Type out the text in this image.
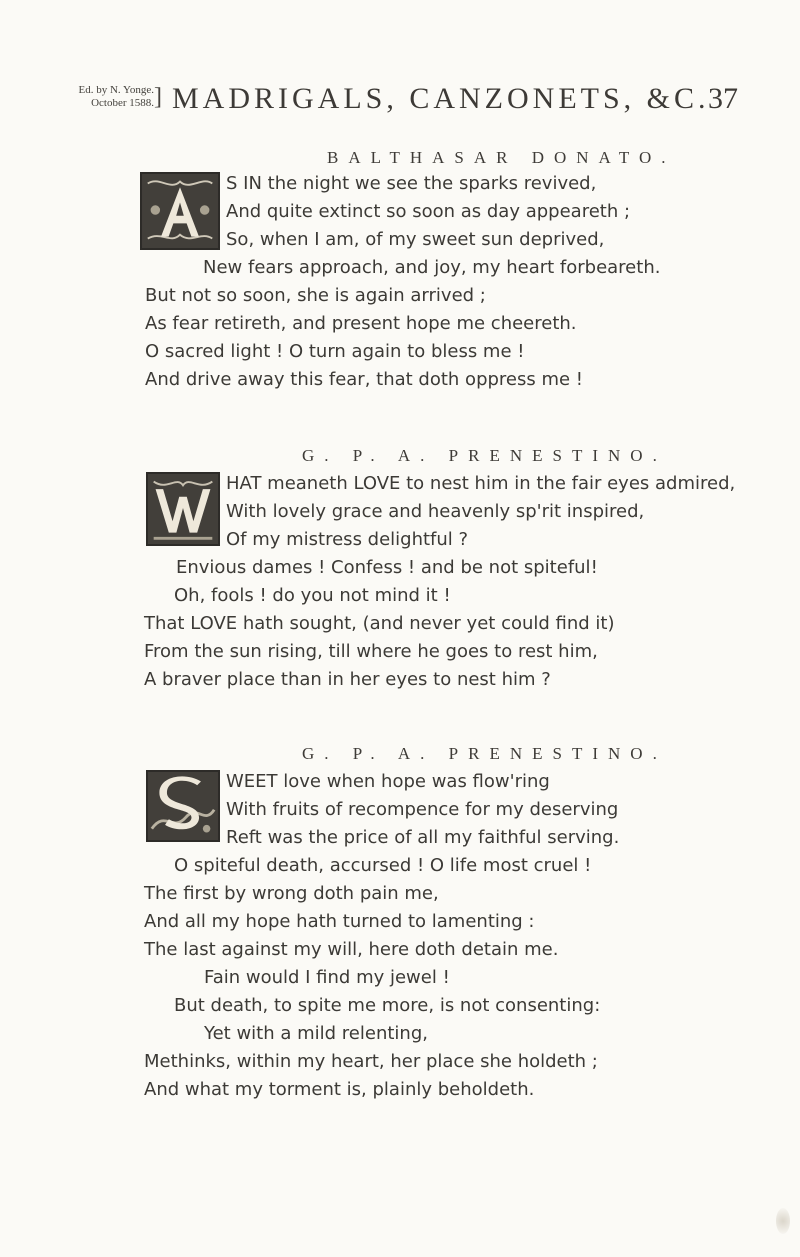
Ed. by N. Yonge.
October 1588. ] MADRIGALS, CANZONETS, &C.
37
BALTHASAR DONATO.
S IN the night we see the sparks revived,
And quite extinct so soon as day appeareth ;
So, when I am, of my sweet sun deprived,
New fears approach, and joy, my heart forbeareth.
But not so soon, she is again arrived ;
As fear retireth, and present hope me cheereth.
O sacred light ! O turn again to bless me !
And drive away this fear, that doth oppress me !
G. P. A. PRENESTINO.
HAT meaneth LOVE to nest him in the fair eyes admired,
With lovely grace and heavenly sp'rit inspired,
Of my mistress delightful ?
Envious dames ! Confess ! and be not spiteful!
Oh, fools ! do you not mind it !
That LOVE hath sought, (and never yet could find it)
From the sun rising, till where he goes to rest him,
A braver place than in her eyes to nest him ?
G. P. A. PRENESTINO.
WEET love when hope was flow'ring
With fruits of recompence for my deserving
Reft was the price of all my faithful serving.
O spiteful death, accursed ! O life most cruel !
The first by wrong doth pain me,
And all my hope hath turned to lamenting :
The last against my will, here doth detain me.
Fain would I find my jewel !
But death, to spite me more, is not consenting:
Yet with a mild relenting,
Methinks, within my heart, her place she holdeth ;
And what my torment is, plainly beholdeth.
